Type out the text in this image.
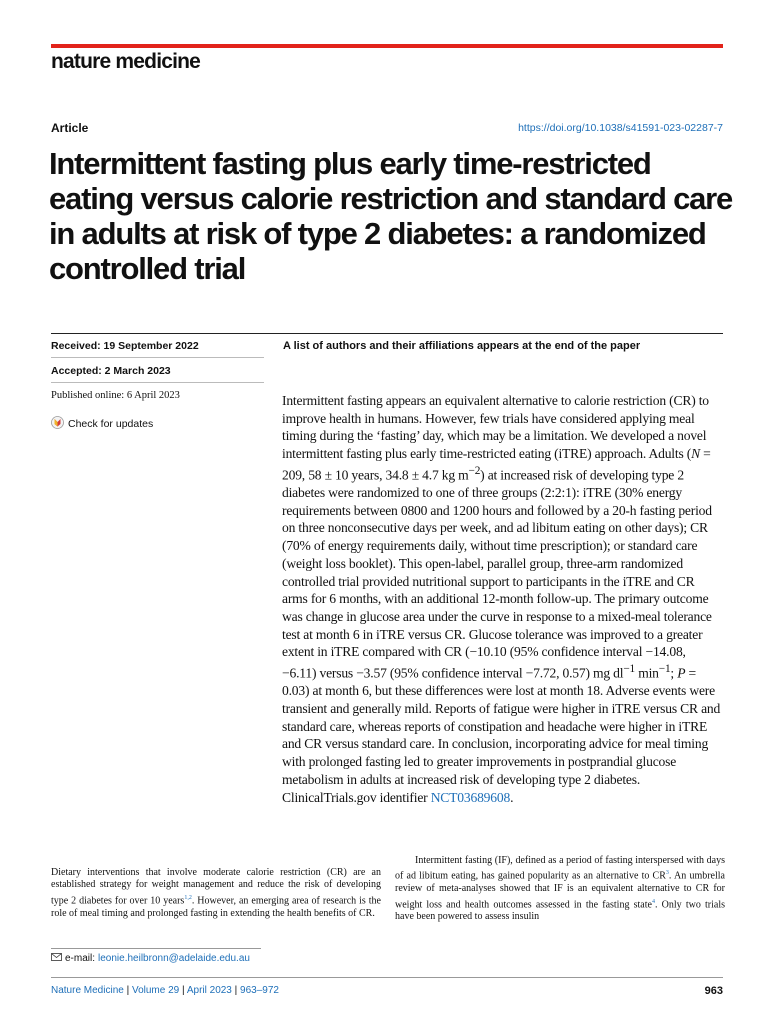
nature medicine
Article	https://doi.org/10.1038/s41591-023-02287-7
Intermittent fasting plus early time-restricted eating versus calorie restriction and standard care in adults at risk of type 2 diabetes: a randomized controlled trial
Received: 19 September 2022
Accepted: 2 March 2023
Published online: 6 April 2023
Check for updates
A list of authors and their affiliations appears at the end of the paper

Intermittent fasting appears an equivalent alternative to calorie restriction (CR) to improve health in humans. However, few trials have considered applying meal timing during the ‘fasting’ day, which may be a limitation. We developed a novel intermittent fasting plus early time-restricted eating (iTRE) approach. Adults (N = 209, 58 ± 10 years, 34.8 ± 4.7 kg $m^{-2}$) at increased risk of developing type 2 diabetes were randomized to one of three groups (2:2:1): iTRE (30% energy requirements between 0800 and 1200 hours and followed by a 20-h fasting period on three nonconsecutive days per week, and ad libitum eating on other days); CR (70% of energy requirements daily, without time prescription); or standard care (weight loss booklet). This open-label, parallel group, three-arm randomized controlled trial provided nutritional support to participants in the iTRE and CR arms for 6 months, with an additional 12-month follow-up. The primary outcome was change in glucose area under the curve in response to a mixed-meal tolerance test at month 6 in iTRE versus CR. Glucose tolerance was improved to a greater extent in iTRE compared with CR (−10.10 (95% confidence interval −14.08, −6.11) versus −3.57 (95% confidence interval −7.72, 0.57) mg $dl^{-1}$ $\min^{-1}$; P = 0.03) at month 6, but these differences were lost at month 18. Adverse events were transient and generally mild. Reports of fatigue were higher in iTRE versus CR and standard care, whereas reports of constipation and headache were higher in iTRE and CR versus standard care. In conclusion, incorporating advice for meal timing with prolonged fasting led to greater improvements in postprandial glucose metabolism in adults at increased risk of developing type 2 diabetes. ClinicalTrials.gov identifier NCT03689608.

Dietary interventions that involve moderate calorie restriction (CR) are an established strategy for weight management and reduce the risk of developing type 2 diabetes for over 10 years$^{1,2}$. However, an emerging area of research is the role of meal timing and prolonged fasting in extending the health benefits of CR.

Intermittent fasting (IF), defined as a period of fasting interspersed with days of ad libitum eating, has gained popularity as an alternative to $CR^3$. An umbrella review of meta-analyses showed that IF is an equivalent alternative to CR for weight loss and health outcomes assessed in the fasting state$^4$. Only two trials have been powered to assess insulin

e-mail: leonie.heilbronn@adelaide.edu.au
Nature Medicine | Volume 29 | April 2023 | 963–972	963
